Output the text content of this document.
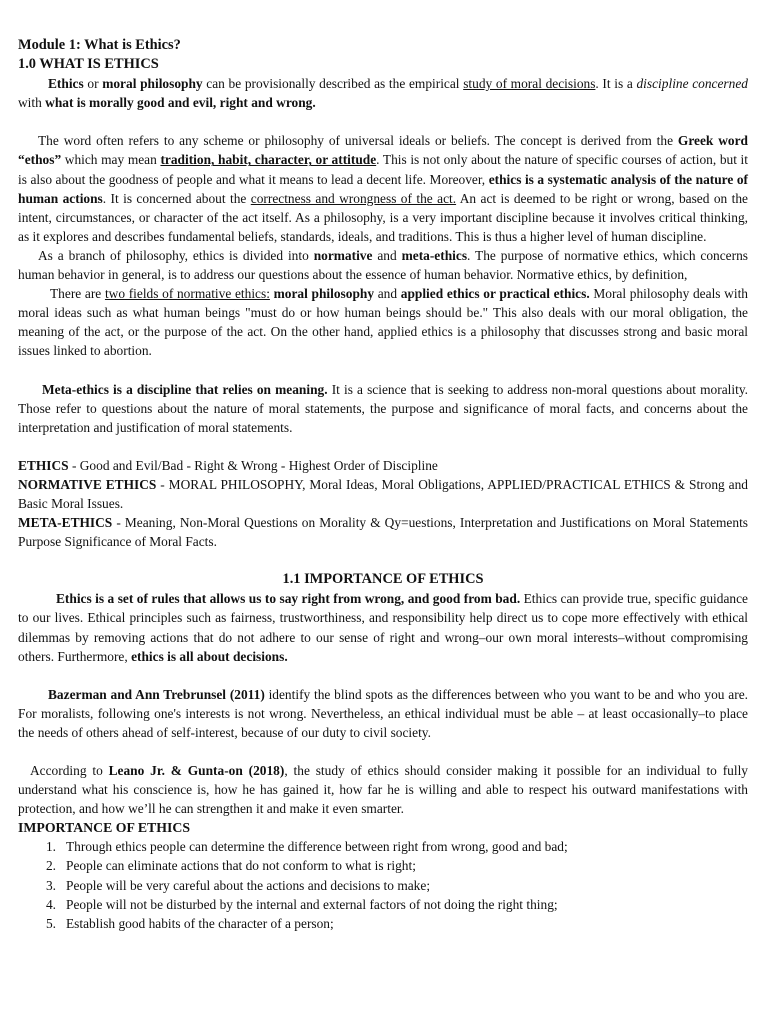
Module 1: What is Ethics?
1.0 WHAT IS ETHICS

Ethics or moral philosophy can be provisionally described as the empirical study of moral decisions. It is a discipline concerned with what is morally good and evil, right and wrong.

The word often refers to any scheme or philosophy of universal ideals or beliefs. The concept is derived from the Greek word “ethos” which may mean tradition, habit, character, or attitude. This is not only about the nature of specific courses of action, but it is also about the goodness of people and what it means to lead a decent life. Moreover, ethics is a systematic analysis of the nature of human actions. It is concerned about the correctness and wrongness of the act. An act is deemed to be right or wrong, based on the intent, circumstances, or character of the act itself. As a philosophy, is a very important discipline because it involves critical thinking, as it explores and describes fundamental beliefs, standards, ideals, and traditions. This is thus a higher level of human discipline.

As a branch of philosophy, ethics is divided into normative and meta-ethics. The purpose of normative ethics, which concerns human behavior in general, is to address our questions about the essence of human behavior. Normative ethics, by definition,

There are two fields of normative ethics: moral philosophy and applied ethics or practical ethics. Moral philosophy deals with moral ideas such as what human beings "must do or how human beings should be." This also deals with our moral obligation, the meaning of the act, or the purpose of the act. On the other hand, applied ethics is a philosophy that discusses strong and basic moral issues linked to abortion.

Meta-ethics is a discipline that relies on meaning. It is a science that is seeking to address non-moral questions about morality. Those refer to questions about the nature of moral statements, the purpose and significance of moral facts, and concerns about the interpretation and justification of moral statements.

ETHICS - Good and Evil/Bad - Right & Wrong - Highest Order of Discipline

NORMATIVE ETHICS - MORAL PHILOSOPHY, Moral Ideas, Moral Obligations, APPLIED/PRACTICAL ETHICS & Strong and Basic Moral Issues.

META-ETHICS - Meaning, Non-Moral Questions on Morality & Qy=uestions, Interpretation and Justifications on Moral Statements Purpose Significance of Moral Facts.

1.1 IMPORTANCE OF ETHICS

Ethics is a set of rules that allows us to say right from wrong, and good from bad. Ethics can provide true, specific guidance to our lives. Ethical principles such as fairness, trustworthiness, and responsibility help direct us to cope more effectively with ethical dilemmas by removing actions that do not adhere to our sense of right and wrong–our own moral interests–without compromising others. Furthermore, ethics is all about decisions.

Bazerman and Ann Trebrunsel (2011) identify the blind spots as the differences between who you want to be and who you are. For moralists, following one's interests is not wrong. Nevertheless, an ethical individual must be able – at least occasionally–to place the needs of others ahead of self-interest, because of our duty to civil society.

According to Leano Jr. & Gunta-on (2018), the study of ethics should consider making it possible for an individual to fully understand what his conscience is, how he has gained it, how far he is willing and able to respect his outward manifestations with protection, and how we’ll he can strengthen it and make it even smarter.

IMPORTANCE OF ETHICS
1. Through ethics people can determine the difference between right from wrong, good and bad;
2. People can eliminate actions that do not conform to what is right;
3. People will be very careful about the actions and decisions to make;
4. People will not be disturbed by the internal and external factors of not doing the right thing;
5. Establish good habits of the character of a person;
